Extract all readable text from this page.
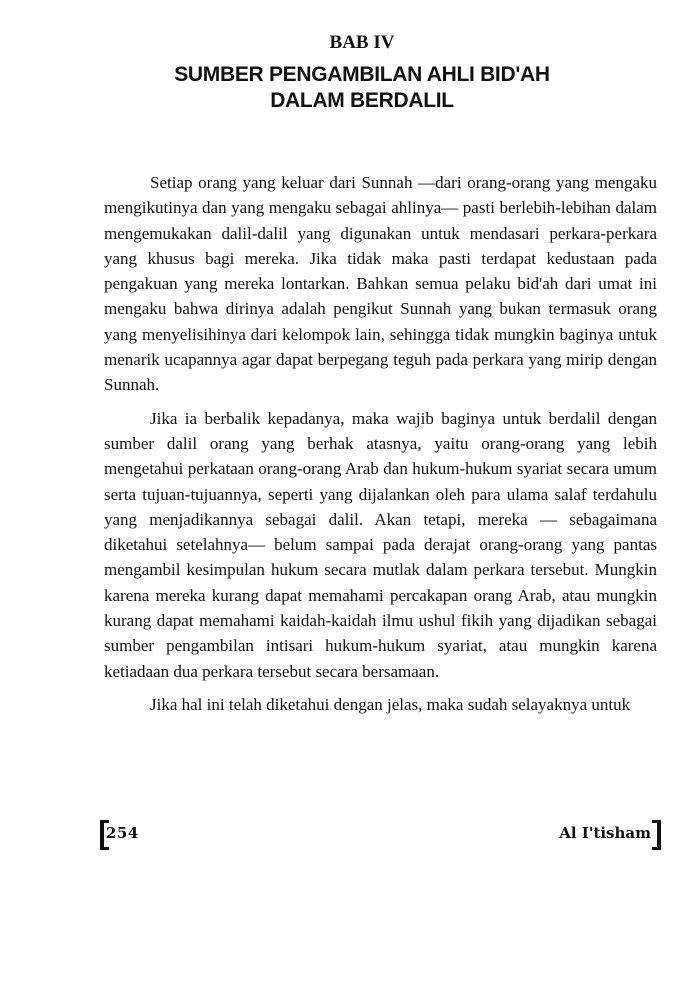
BAB IV
SUMBER PENGAMBILAN AHLI BID'AH
DALAM BERDALIL

Setiap orang yang keluar dari Sunnah —dari orang-orang yang mengaku mengikutinya dan yang mengaku sebagai ahlinya— pasti berlebih-lebihan dalam mengemukakan dalil-dalil yang digunakan untuk mendasari perkara-perkara yang khusus bagi mereka. Jika tidak maka pasti terdapat kedustaan pada pengakuan yang mereka lontarkan. Bahkan semua pelaku bid'ah dari umat ini mengaku bahwa dirinya adalah pengikut Sunnah yang bukan termasuk orang yang menyelisihinya dari kelompok lain, sehingga tidak mungkin baginya untuk menarik ucapannya agar dapat berpegang teguh pada perkara yang mirip dengan Sunnah.

Jika ia berbalik kepadanya, maka wajib baginya untuk berdalil dengan sumber dalil orang yang berhak atasnya, yaitu orang-orang yang lebih mengetahui perkataan orang-orang Arab dan hukum-hukum syariat secara umum serta tujuan-tujuannya, seperti yang dijalankan oleh para ulama salaf terdahulu yang menjadikannya sebagai dalil. Akan tetapi, mereka — sebagaimana diketahui setelahnya— belum sampai pada derajat orang-orang yang pantas mengambil kesimpulan hukum secara mutlak dalam perkara tersebut. Mungkin karena mereka kurang dapat memahami percakapan orang Arab, atau mungkin kurang dapat memahami kaidah-kaidah ilmu ushul fikih yang dijadikan sebagai sumber pengambilan intisari hukum-hukum syariat, atau mungkin karena ketiadaan dua perkara tersebut secara bersamaan.

Jika hal ini telah diketahui dengan jelas, maka sudah selayaknya untuk

254	Al I'tisham
